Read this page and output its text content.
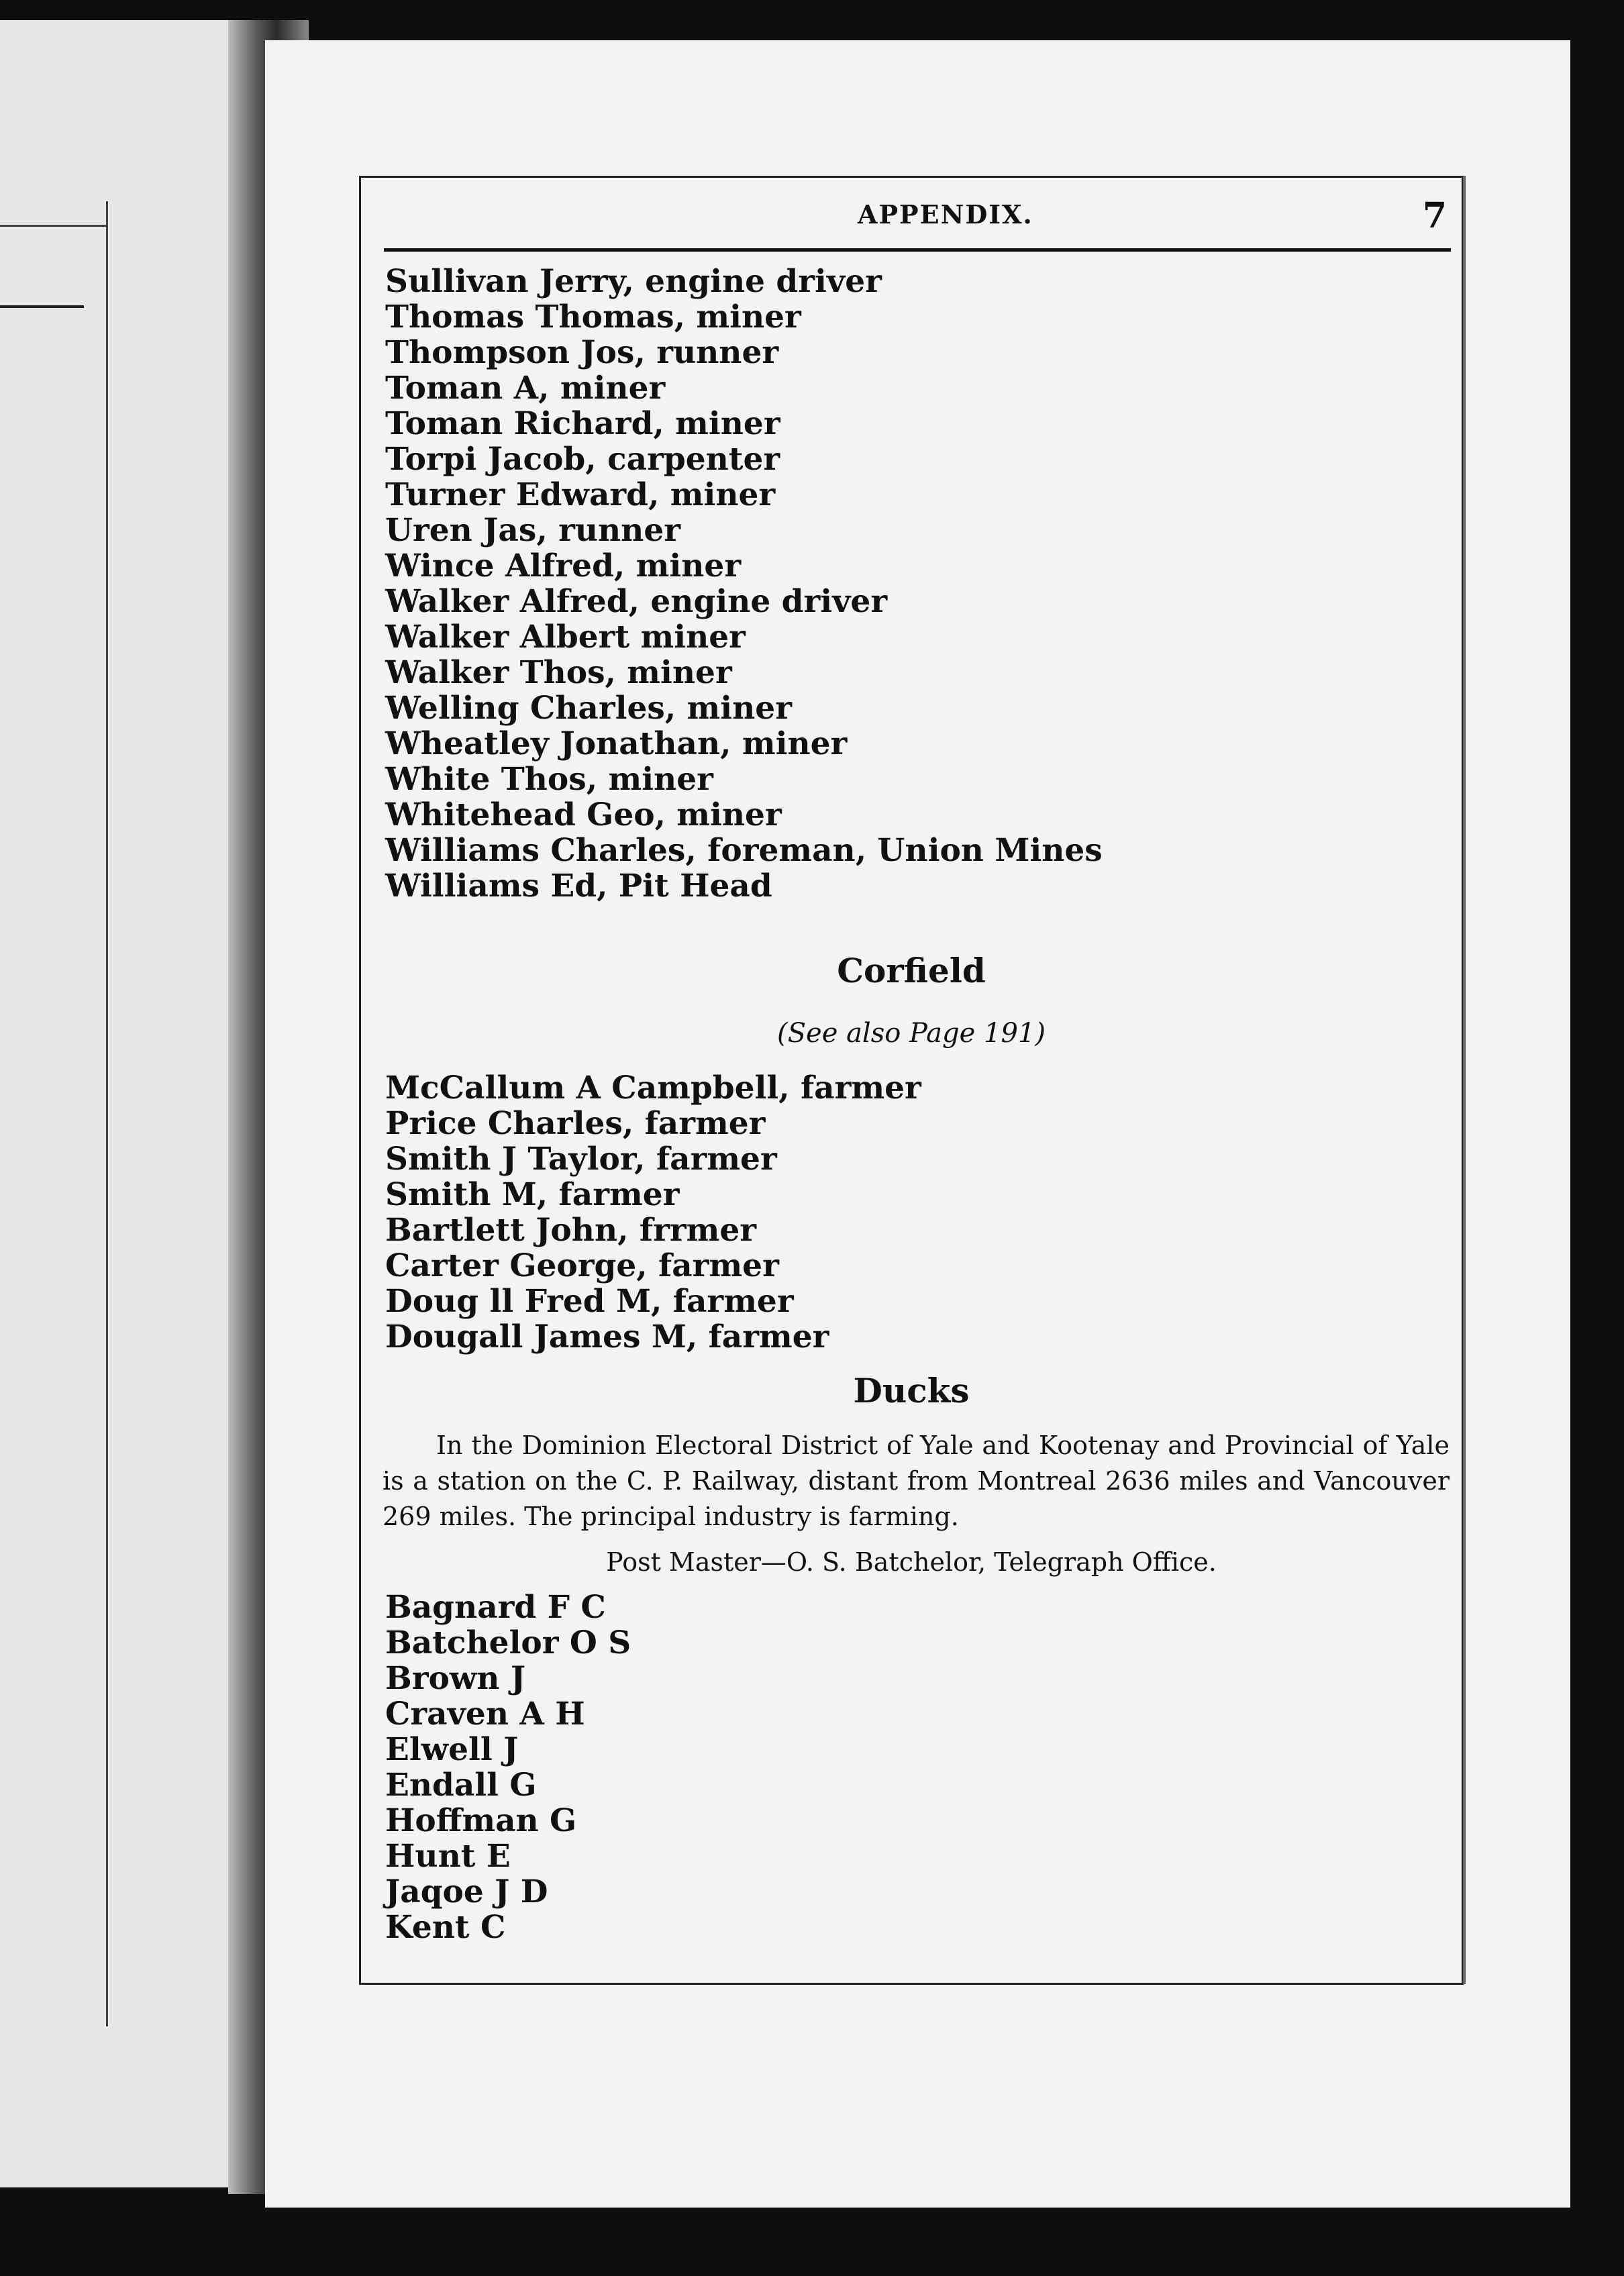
APPENDIX.	7
Sullivan Jerry, engine driver
Thomas Thomas, miner
Thompson Jos, runner
Toman A, miner
Toman Richard, miner
Torpi Jacob, carpenter
Turner Edward, miner
Uren Jas, runner
Wince Alfred, miner
Walker Alfred, engine driver
Walker Albert miner
Walker Thos, miner
Welling Charles, miner
Wheatley Jonathan, miner
White Thos, miner
Whitehead Geo, miner
Williams Charles, foreman, Union Mines
Williams Ed, Pit Head
Corfield

(See also Page 191)

McCallum A Campbell, farmer
Price Charles, farmer
Smith J Taylor, farmer
Smith M, farmer
Bartlett John, frrmer
Carter George, farmer
Doug ll Fred M, farmer
Dougall James M, farmer
Ducks

In the Dominion Electoral District of Yale and Kootenay and Provincial of Yale is a station on the C. P. Railway, distant from Montreal 2636 miles and Vancouver 269 miles. The principal industry is farming.

Post Master—O. S. Batchelor, Telegraph Office.

Bagnard F C
Batchelor O S
Brown J
Craven A H
Elwell J
Endall G
Hoffman G
Hunt E
Jaqoe J D
Kent C
